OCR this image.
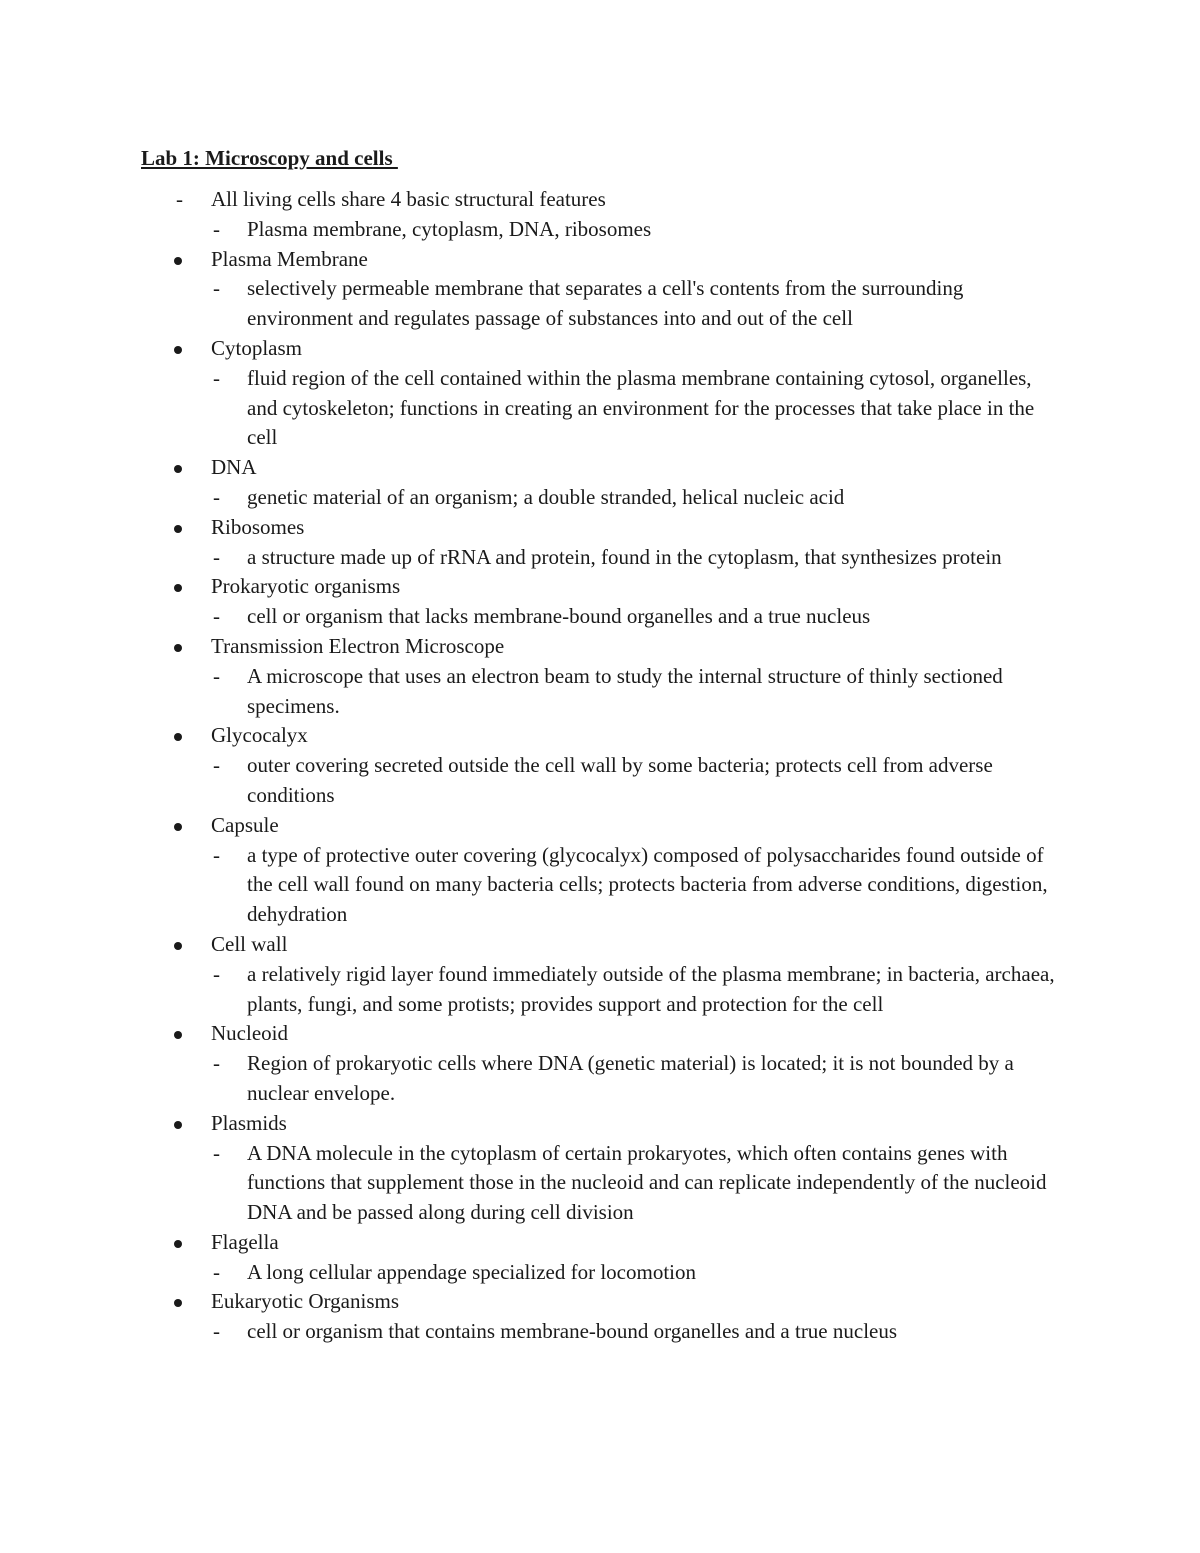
Lab 1: Microscopy and cells
- All living cells share 4 basic structural features
- Plasma membrane, cytoplasm, DNA, ribosomes
Plasma Membrane
- selectively permeable membrane that separates a cell's contents from the surrounding environment and regulates passage of substances into and out of the cell
Cytoplasm
- fluid region of the cell contained within the plasma membrane containing cytosol, organelles, and cytoskeleton; functions in creating an environment for the processes that take place in the cell
DNA
- genetic material of an organism; a double stranded, helical nucleic acid
Ribosomes
- a structure made up of rRNA and protein, found in the cytoplasm, that synthesizes protein
Prokaryotic organisms
- cell or organism that lacks membrane-bound organelles and a true nucleus
Transmission Electron Microscope
- A microscope that uses an electron beam to study the internal structure of thinly sectioned specimens.
Glycocalyx
- outer covering secreted outside the cell wall by some bacteria; protects cell from adverse conditions
Capsule
- a type of protective outer covering (glycocalyx) composed of polysaccharides found outside of the cell wall found on many bacteria cells; protects bacteria from adverse conditions, digestion, dehydration
Cell wall
- a relatively rigid layer found immediately outside of the plasma membrane; in bacteria, archaea, plants, fungi, and some protists; provides support and protection for the cell
Nucleoid
- Region of prokaryotic cells where DNA (genetic material) is located; it is not bounded by a nuclear envelope.
Plasmids
- A DNA molecule in the cytoplasm of certain prokaryotes, which often contains genes with functions that supplement those in the nucleoid and can replicate independently of the nucleoid DNA and be passed along during cell division
Flagella
- A long cellular appendage specialized for locomotion
Eukaryotic Organisms
- cell or organism that contains membrane-bound organelles and a true nucleus
